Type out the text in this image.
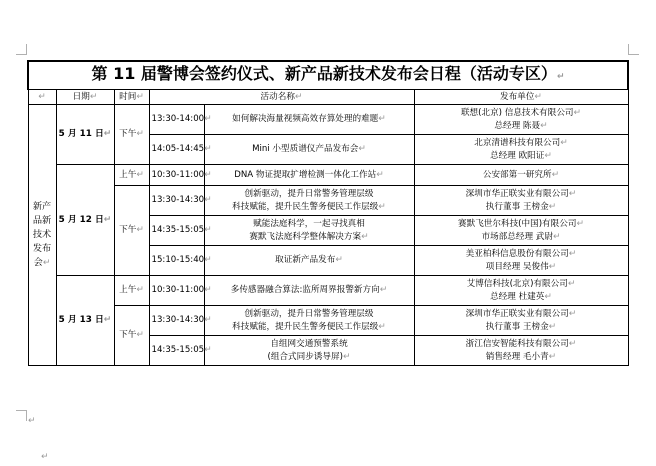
第 11 届警博会签约仪式、新产品新技术发布会日程（活动专区）↵					
↵	日期↵	时间↵	活动名称↵		发布单位↵
新产品新技术发布会↵	5 月 11 日↵	下午↵	13:30-14:00↵	如何解决海量视频高效存算处理的难题↵	联想(北京) 信息技术有限公司↵
总经理 陈聂↵

			14:05-14:45↵	Mini 小型质谱仪产品发布会↵	北京清谱科技有限公司↵
总经理 欧阳证↵

	5 月 12 日↵	上午↵	10:30-11:00↵	DNA 物证提取扩增检测一体化工作站↵	公安部第一研究所↵

		下午↵	13:30-14:30↵	创新驱动，提升日常警务管理层级
科技赋能，提升民生警务便民工作层级↵	深圳市华正联实业有限公司↵
执行董事 王榜金↵

			14:35-15:05↵	赋能法庭科学，一起寻找真相
赛默飞法庭科学整体解决方案↵	赛默飞世尔科技(中国)有限公司↵
市场部总经理 武尉↵

			15:10-15:40↵	取证新产品发布↵	美亚柏科信息股份有限公司↵
项目经理 吴俊伟↵

	5 月 13 日↵	上午↵	10:30-11:00↵	多传感器融合算法:监所周界报警新方向↵	艾博信科技(北京)有限公司↵
总经理 杜建英↵

		下午↵	13:30-14:30↵	创新驱动，提升日常警务管理层级
科技赋能，提升民生警务便民工作层级↵	深圳市华正联实业有限公司↵
执行董事 王榜金↵

			14:35-15:05↵	自组网交通预警系统
(组合式同步诱导屏)↵	浙江信安智能科技有限公司↵
销售经理 毛小青↵
↵
↵
